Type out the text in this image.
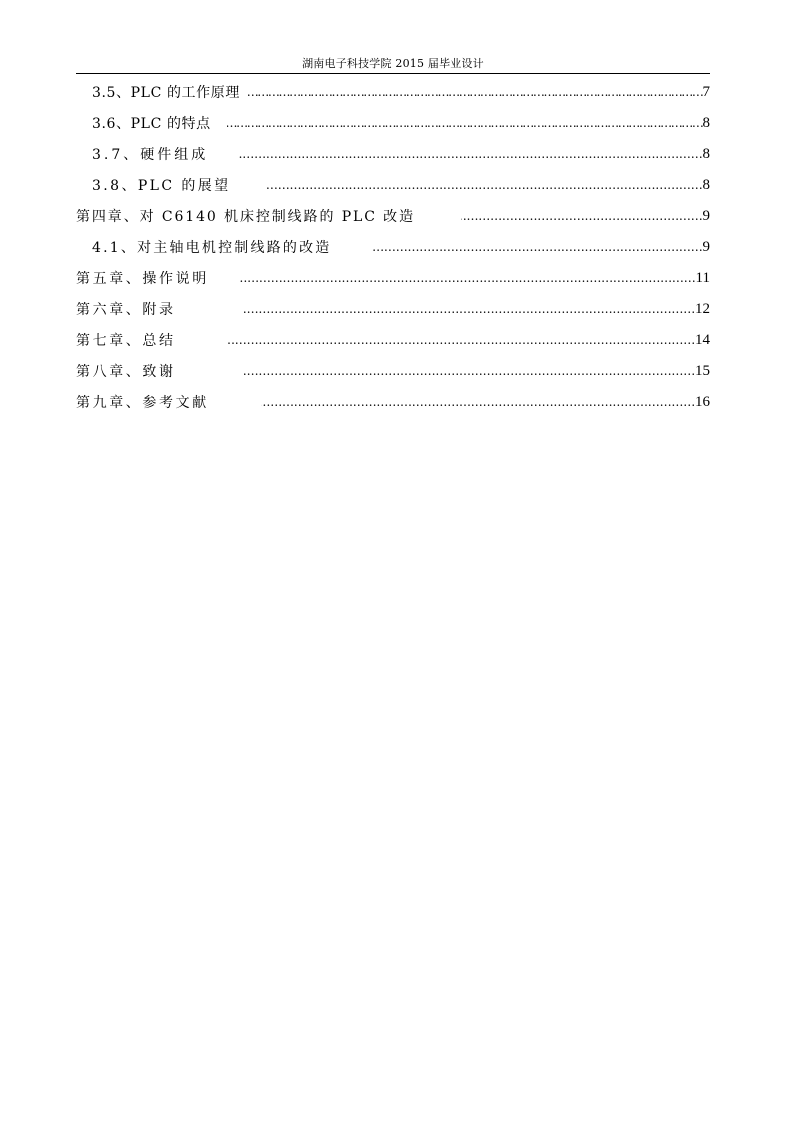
湖南电子科技学院 2015 届毕业设计
3.5、PLC 的工作原理 …………………………………………………………………………………………………………………………………………………………………………………………………………	7
3.6、PLC 的特点 …………………………………………………………………………………………………………………………………………………………………………………………………………	8
3.7、硬件组成 …………………………………………………………………………………………………………………………………………………………………………………………………………	8
3.8、PLC 的展望 …………………………………………………………………………………………………………………………………………………………………………………………………………	8
第四章、对 C6140 机床控制线路的 PLC 改造 …………………………………………………………………………………………………………………………………………………………………………………………………………	9
4.1、对主轴电机控制线路的改造 …………………………………………………………………………………………………………………………………………………………………………………………………………	9
第五章、操作说明 …………………………………………………………………………………………………………………………………………………………………………………………………………	11
第六章、附录 …………………………………………………………………………………………………………………………………………………………………………………………………………	12
第七章、总结 …………………………………………………………………………………………………………………………………………………………………………………………………………	14
第八章、致谢 …………………………………………………………………………………………………………………………………………………………………………………………………………	15
第九章、参考文献 …………………………………………………………………………………………………………………………………………………………………………………………………………	16
